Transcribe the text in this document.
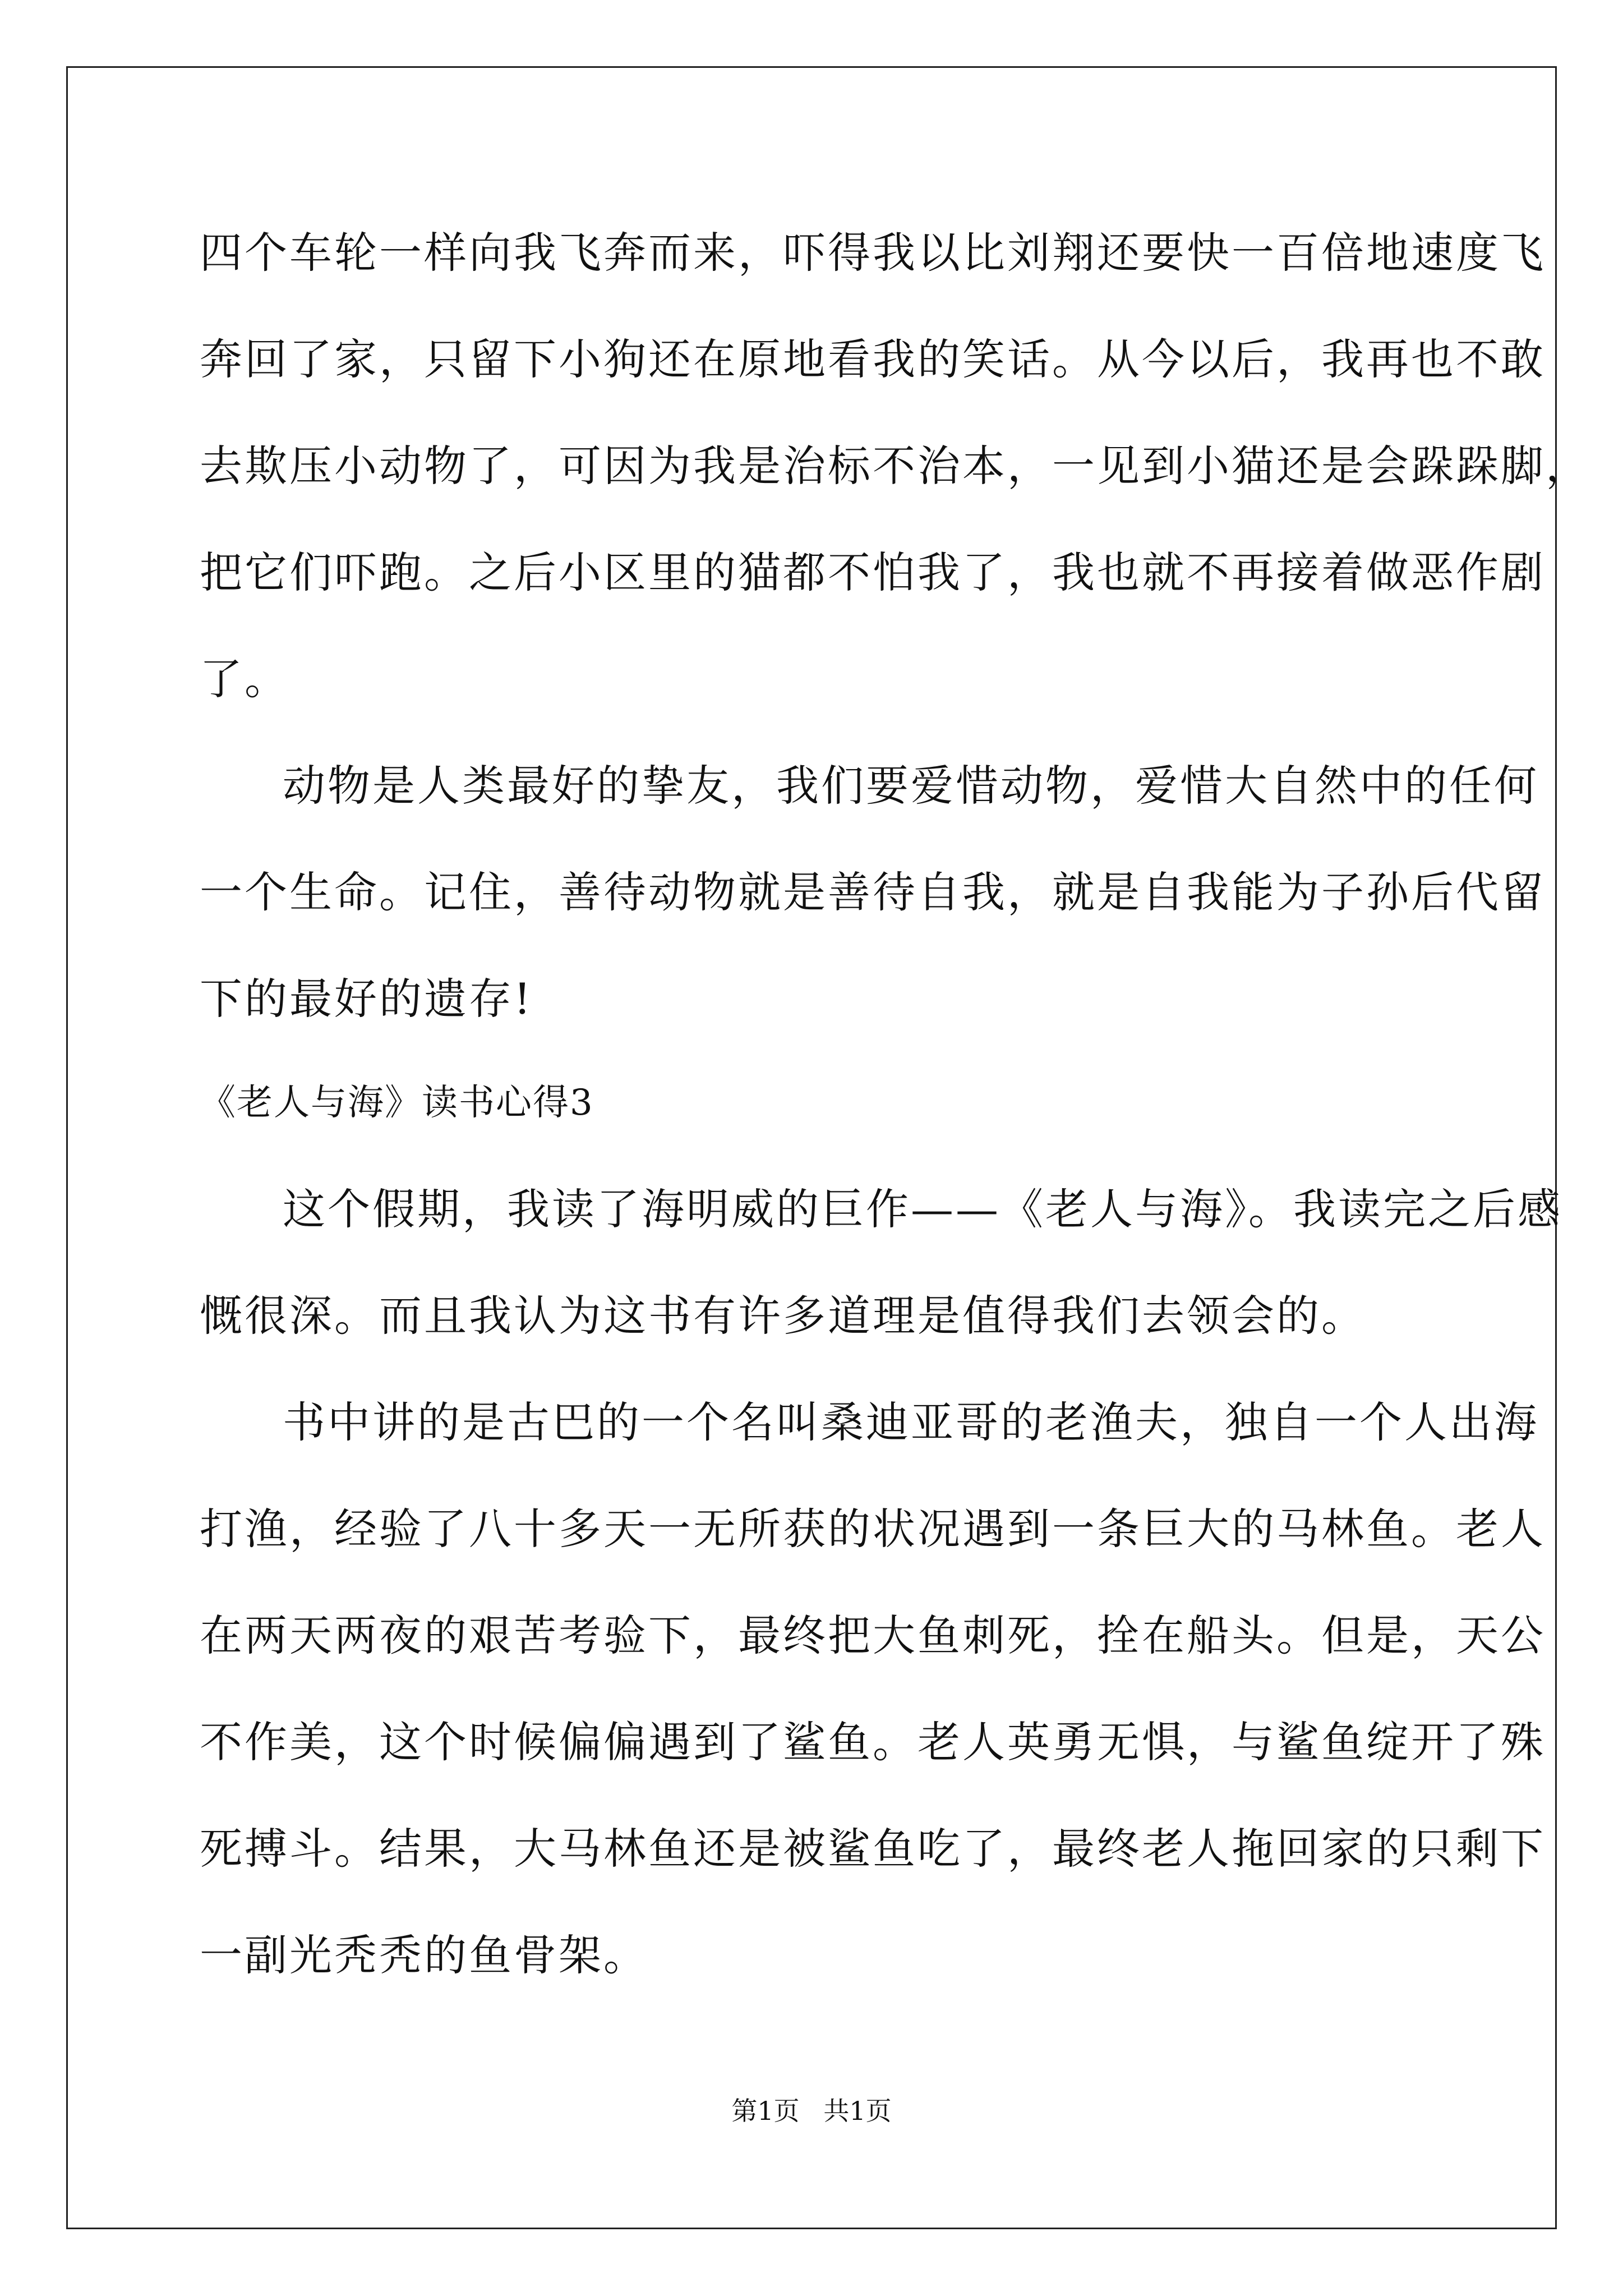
四个车轮一样向我飞奔而来，吓得我以比刘翔还要快一百倍地速度飞
奔回了家，只留下小狗还在原地看我的笑话。从今以后，我再也不敢
去欺压小动物了，可因为我是治标不治本，一见到小猫还是会跺跺脚，
把它们吓跑。之后小区里的猫都不怕我了，我也就不再接着做恶作剧
了。
动物是人类最好的挚友，我们要爱惜动物，爱惜大自然中的任何
一个生命。记住，善待动物就是善待自我，就是自我能为子孙后代留
下的最好的遗存!
《老人与海》读书心得3
这个假期，我读了海明威的巨作——《老人与海》。我读完之后感
慨很深。而且我认为这书有许多道理是值得我们去领会的。
书中讲的是古巴的一个名叫桑迪亚哥的老渔夫，独自一个人出海
打渔，经验了八十多天一无所获的状况遇到一条巨大的马林鱼。老人
在两天两夜的艰苦考验下，最终把大鱼刺死，拴在船头。但是，天公
不作美，这个时候偏偏遇到了鲨鱼。老人英勇无惧，与鲨鱼绽开了殊
死搏斗。结果，大马林鱼还是被鲨鱼吃了，最终老人拖回家的只剩下
一副光秃秃的鱼骨架。
第1页 共1页
